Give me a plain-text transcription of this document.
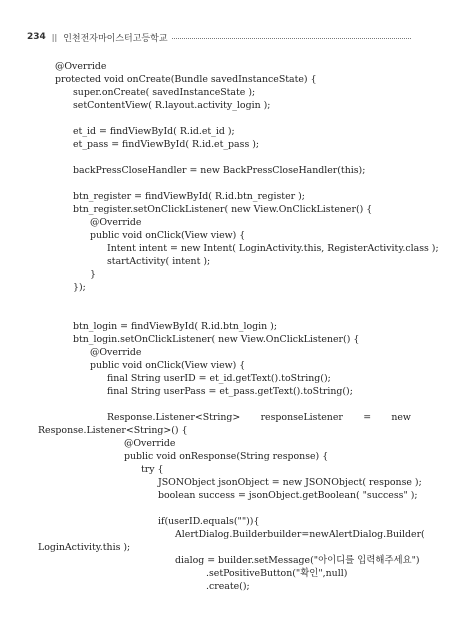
234 || 인천전자마이스터고등학교
@Override
protected void onCreate(Bundle savedInstanceState) {
super.onCreate( savedInstanceState );
setContentView( R.layout.activity_login );
et_id = findViewById( R.id.et_id );
et_pass = findViewById( R.id.et_pass );
backPressCloseHandler = new BackPressCloseHandler(this);
btn_register = findViewById( R.id.btn_register );
btn_register.setOnClickListener( new View.OnClickListener() {
@Override
public void onClick(View view) {
Intent intent = new Intent( LoginActivity.this, RegisterActivity.class );
startActivity( intent );
}
});
btn_login = findViewById( R.id.btn_login );
btn_login.setOnClickListener( new View.OnClickListener() {
@Override
public void onClick(View view) {
final String userID = et_id.getText().toString();
final String userPass = et_pass.getText().toString();
Response.Listener<String> responseListener = new
Response.Listener<String>() {
@Override
public void onResponse(String response) {
try {
JSONObject jsonObject = new JSONObject( response );
boolean success = jsonObject.getBoolean( "success" );
if(userID.equals("")){
AlertDialog.Builder builder = new AlertDialog.Builder(
LoginActivity.this );
dialog = builder.setMessage("아이디를 입력해주세요")
.setPositiveButton("확인",null)
.create();
